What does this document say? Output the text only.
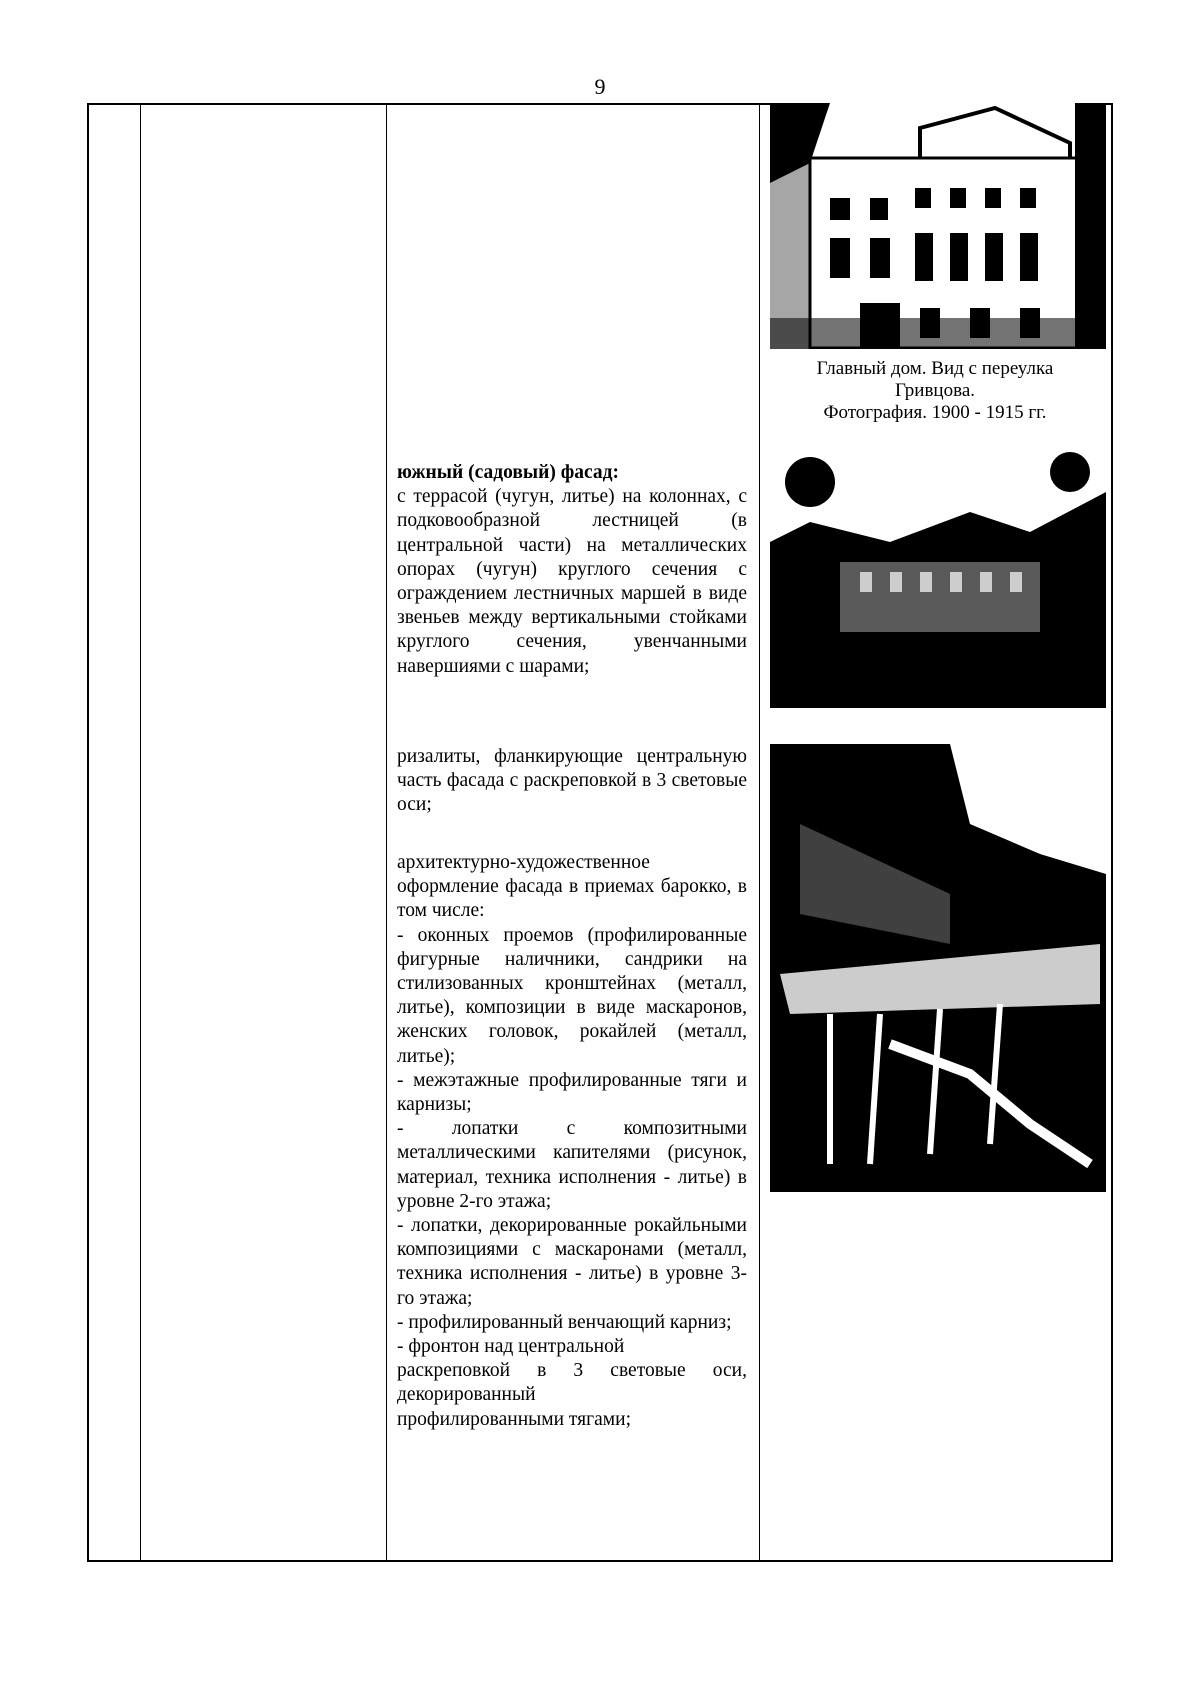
9
Главный дом. Вид с переулка
Гривцова.
Фотография. 1900 - 1915 гг.

южный (садовый) фасад:

с террасой (чугун, литье) на колоннах, с подковообразной лестницей (в центральной части) на металлических опорах (чугун) круглого сечения с ограждением лестничных маршей в виде звеньев между вертикальными стойками круглого сечения, увенчанными навершиями с шарами;

ризалиты, фланкирующие центральную часть фасада с раскреповкой в 3 световые оси;

архитектурно-художественное

оформление фасада в приемах барокко, в том числе:

- оконных проемов (профилированные фигурные наличники, сандрики на стилизованных кронштейнах (металл, литье), композиции в виде маскаронов, женских головок, рокайлей (металл, литье);

- межэтажные профилированные тяги и карнизы;

- лопатки с композитными металлическими капителями (рисунок, материал, техника исполнения - литье) в уровне 2-го этажа;

- лопатки, декорированные рокайльными композициями с маскаронами (металл, техника исполнения - литье) в уровне 3-го этажа;

- профилированный венчающий карниз;

- фронтон над центральной

раскреповкой в 3 световые оси, декорированный

профилированными тягами;
